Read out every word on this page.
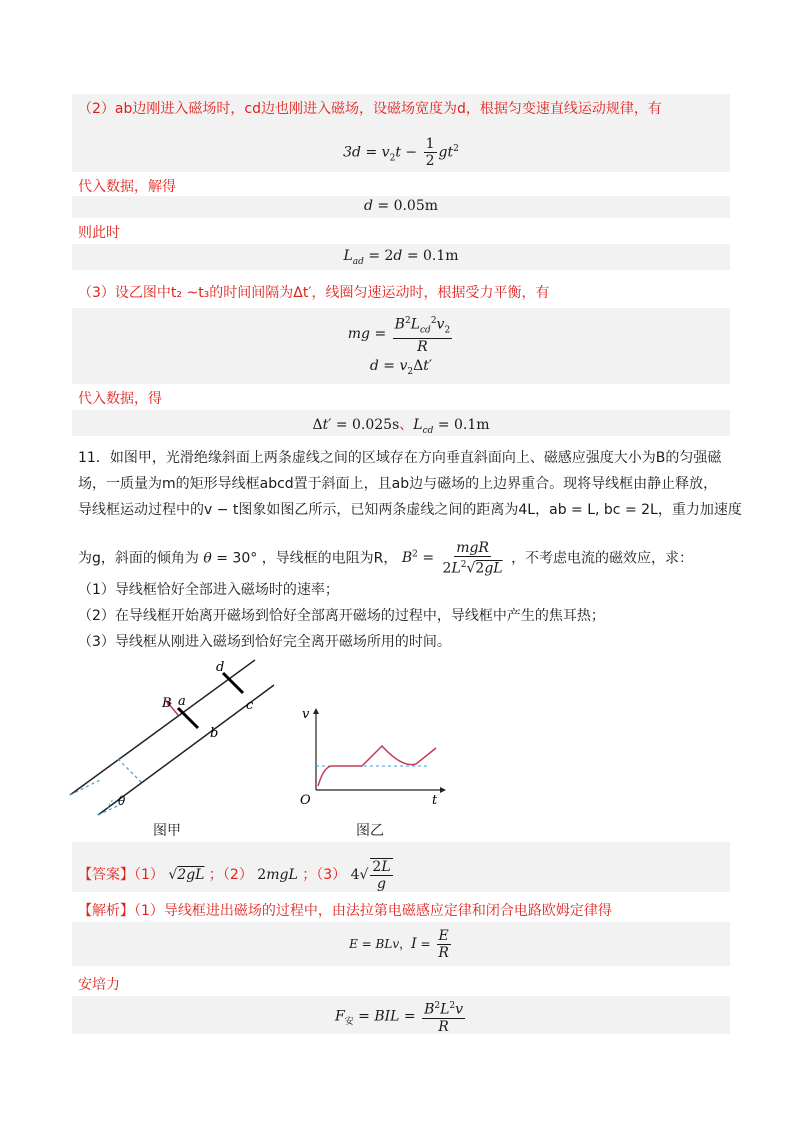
（2）ab边刚进入磁场时，cd边也刚进入磁场，设磁场宽度为d，根据匀变速直线运动规律，有
$3d = v_2t - \frac{1}{2} gt^2$
代入数据，解得
d = 0.05m
则此时
$L_{ad} = 2d = 0.1m$
（3）设乙图中t₂ ~t₃的时间间隔为Δt′，线圈匀速运动时，根据受力平衡，有
mg = $\frac{B^2L_{cd}^2v_2}{R}$
$d = v_2\Delta t'$
代入数据，得
Δt′ = 0.025s、$L_{cd} = 0.1m$
11．如图甲，光滑绝缘斜面上两条虚线之间的区域存在方向垂直斜面向上、磁感应强度大小为B的匀强磁
场，一质量为m的矩形导线框abcd置于斜面上，且ab边与磁场的上边界重合。现将导线框由静止释放，
导线框运动过程中的v − t图象如图乙所示，已知两条虚线之间的距离为4L，ab = L, bc = 2L，重力加速度
为g，斜面的倾角为 θ = 30° ，导线框的电阻为R， $B^2 = \frac{\text{mgR}}{2L^2√2gL}$ ，不考虑电流的磁效应，求：
（1）导线框恰好全部进入磁场时的速率；
（2）在导线框开始离开磁场到恰好全部离开磁场的过程中，导线框中产生的焦耳热；
（3）导线框从刚进入磁场到恰好完全离开磁场所用的时间。
B a
b
c
d
θ
图甲
v
t
O
图乙
【答案】（1） √2gL ；（2） 2mgL ；（3） $4√ \frac{2L}{g}$
【解析】（1）导线框进出磁场的过程中，由法拉第电磁感应定律和闭合电路欧姆定律得
E = BLv，$I = \frac{E}{R}$
安培力
$F_安$ = BIL = $\frac{B^2L^2v}{R}$
